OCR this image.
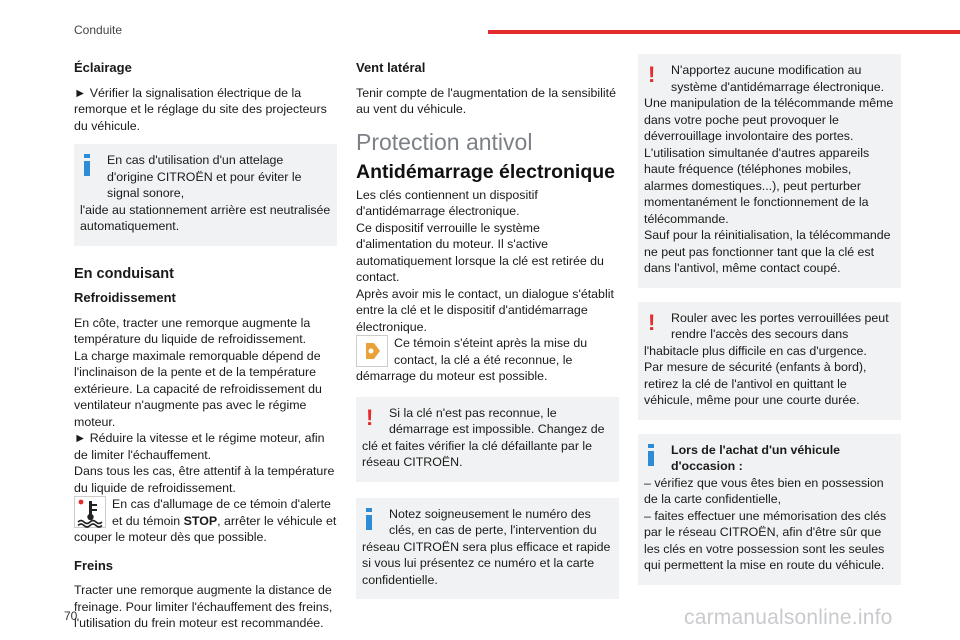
Conduite

Éclairage

► Vérifier la signalisation électrique de la remorque et le réglage du site des projecteurs du véhicule.

En cas d'utilisation d'un attelage d'origine CITROËN et pour éviter le signal sonore,

l'aide au stationnement arrière est neutralisée automatiquement.

En conduisant

Refroidissement

En côte, tracter une remorque augmente la température du liquide de refroidissement.

La charge maximale remorquable dépend de l'inclinaison de la pente et de la température extérieure. La capacité de refroidissement du ventilateur n'augmente pas avec le régime moteur.

► Réduire la vitesse et le régime moteur, afin de limiter l'échauffement.

Dans tous les cas, être attentif à la température du liquide de refroidissement.

En cas d'allumage de ce témoin d'alerte et du témoin STOP, arrêter le véhicule et couper le moteur dès que possible.

Freins

Tracter une remorque augmente la distance de freinage. Pour limiter l'échauffement des freins, l'utilisation du frein moteur est recommandée.

Vent latéral

Tenir compte de l'augmentation de la sensibilité au vent du véhicule.

Protection antivol

Antidémarrage électronique

Les clés contiennent un dispositif d'antidémarrage électronique.

Ce dispositif verrouille le système d'alimentation du moteur. Il s'active automatiquement lorsque la clé est retirée du contact.

Après avoir mis le contact, un dialogue s'établit entre la clé et le dispositif d'antidémarrage électronique.

Ce témoin s'éteint après la mise du contact, la clé a été reconnue, le démarrage du moteur est possible.
!	Si la clé n'est pas reconnue, le démarrage est impossible. Changez de

clé et faites vérifier la clé défaillante par le réseau CITROËN.

Notez soigneusement le numéro des clés, en cas de perte, l'intervention du

réseau CITROËN sera plus efficace et rapide si vous lui présentez ce numéro et la carte confidentielle.

!	N'apportez aucune modification au système d'antidémarrage électronique.

Une manipulation de la télécommande même dans votre poche peut provoquer le déverrouillage involontaire des portes.

L'utilisation simultanée d'autres appareils haute fréquence (téléphones mobiles, alarmes domestiques...), peut perturber momentanément le fonctionnement de la télécommande.

Sauf pour la réinitialisation, la télécommande ne peut pas fonctionner tant que la clé est dans l'antivol, même contact coupé.

!	Rouler avec les portes verrouillées peut rendre l'accès des secours dans

l'habitacle plus difficile en cas d'urgence.

Par mesure de sécurité (enfants à bord), retirez la clé de l'antivol en quittant le véhicule, même pour une courte durée.

Lors de l'achat d'un véhicule d'occasion :

– vérifiez que vous êtes bien en possession de la carte confidentielle,

– faites effectuer une mémorisation des clés par le réseau CITROËN, afin d'être sûr que les clés en votre possession sont les seules qui permettent la mise en route du véhicule.

70	carmanualsonline.info
